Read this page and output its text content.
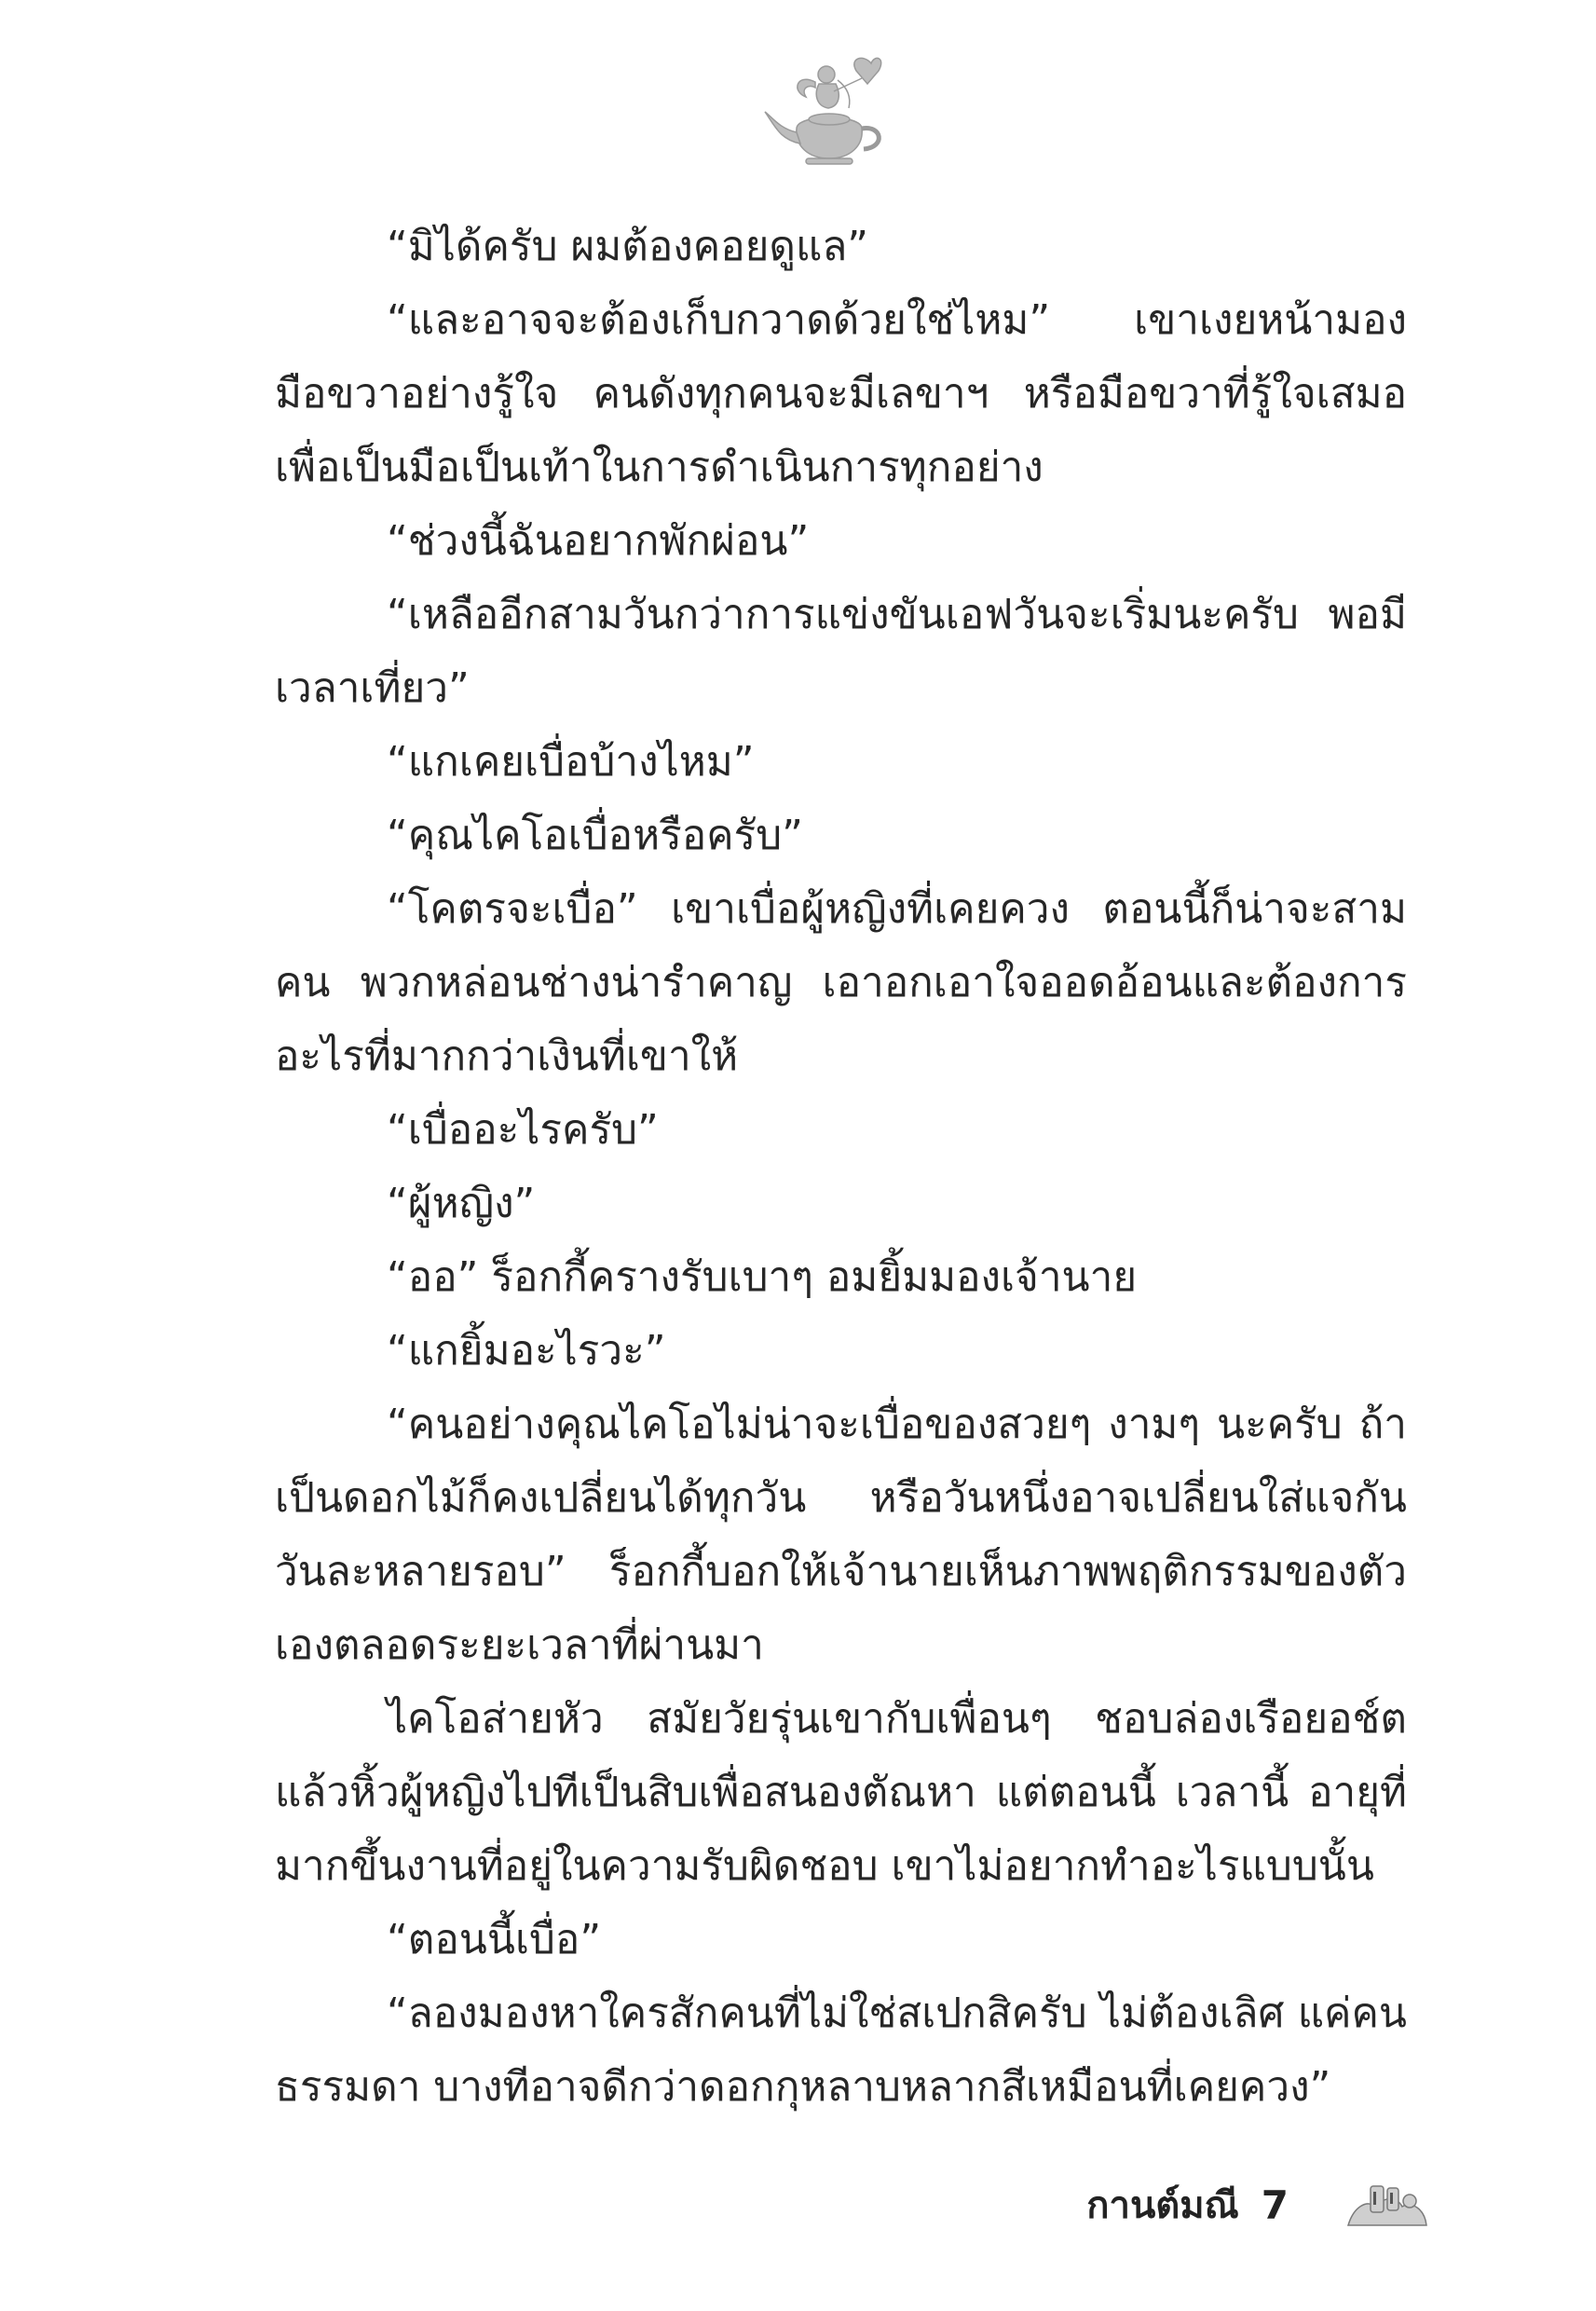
“มิได้ครับ ผมต้องคอยดูแล”

“และอาจจะต้องเก็บกวาดด้วยใช่ไหม” เขาเงยหน้ามองมือขวาอย่างรู้ใจ คนดังทุกคนจะมีเลขาฯ หรือมือขวาที่รู้ใจเสมอ เพื่อเป็นมือเป็นเท้าในการดำเนินการทุกอย่าง

“ช่วงนี้ฉันอยากพักผ่อน”

“เหลืออีกสามวันกว่าการแข่งขันเอฟวันจะเริ่มนะครับ พอมีเวลาเที่ยว”

“แกเคยเบื่อบ้างไหม”

“คุณไคโอเบื่อหรือครับ”

“โคตรจะเบื่อ” เขาเบื่อผู้หญิงที่เคยควง ตอนนี้ก็น่าจะสามคน พวกหล่อนช่างน่ารำคาญ เอาอกเอาใจออดอ้อนและต้องการอะไรที่มากกว่าเงินที่เขาให้

“เบื่ออะไรครับ”

“ผู้หญิง”

“ออ” ร็อกกี้ครางรับเบาๆ อมยิ้มมองเจ้านาย

“แกยิ้มอะไรวะ”

“คนอย่างคุณไคโอไม่น่าจะเบื่อของสวยๆ งามๆ นะครับ ถ้าเป็นดอกไม้ก็คงเปลี่ยนได้ทุกวัน หรือวันหนึ่งอาจเปลี่ยนใส่แจกันวันละหลายรอบ” ร็อกกี้บอกให้เจ้านายเห็นภาพพฤติกรรมของตัวเองตลอดระยะเวลาที่ผ่านมา

ไคโอส่ายหัว สมัยวัยรุ่นเขากับเพื่อนๆ ชอบล่องเรือยอช์ตแล้วหิ้วผู้หญิงไปทีเป็นสิบเพื่อสนองตัณหา แต่ตอนนี้ เวลานี้ อายุที่มากขึ้นงานที่อยู่ในความรับผิดชอบ เขาไม่อยากทำอะไรแบบนั้น

“ตอนนี้เบื่อ”

“ลองมองหาใครสักคนที่ไม่ใช่สเปกสิครับ ไม่ต้องเลิศ แค่คนธรรมดา บางทีอาจดีกว่าดอกกุหลาบหลากสีเหมือนที่เคยควง”

กานต์มณี 7
